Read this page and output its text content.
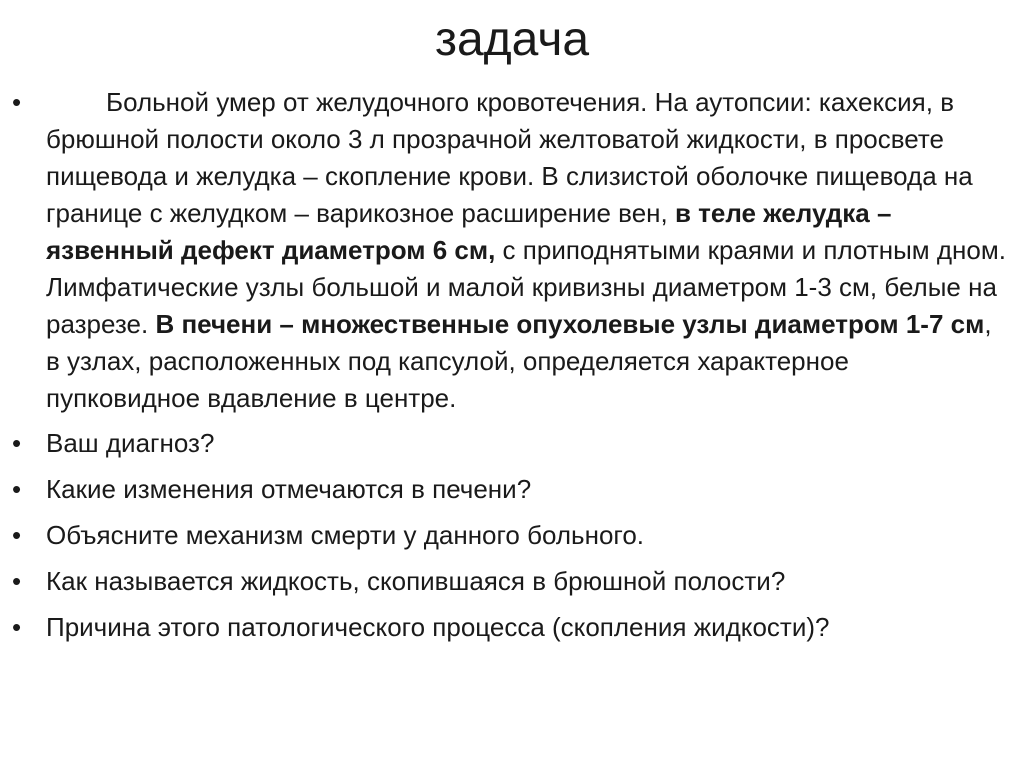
задача
•	Больной умер от желудочного кровотечения. На аутопсии: кахексия, в брюшной полости около 3 л прозрачной желтоватой жидкости, в просвете пищевода и желудка – скопление крови. В слизистой оболочке пищевода на границе с желудком – варикозное расширение вен, в теле желудка – язвенный дефект диаметром 6 см, с приподнятыми краями и плотным дном. Лимфатические узлы большой и малой кривизны диаметром 1-3 см, белые на разрезе. В печени – множественные опухолевые узлы диаметром 1-7 см, в узлах, расположенных под капсулой, определяется характерное пупковидное вдавление в центре.
• Ваш диагноз?
• Какие изменения отмечаются в печени?
• Объясните механизм смерти у данного больного.
• Как называется жидкость, скопившаяся в брюшной полости?
• Причина этого патологического процесса (скопления жидкости)?
